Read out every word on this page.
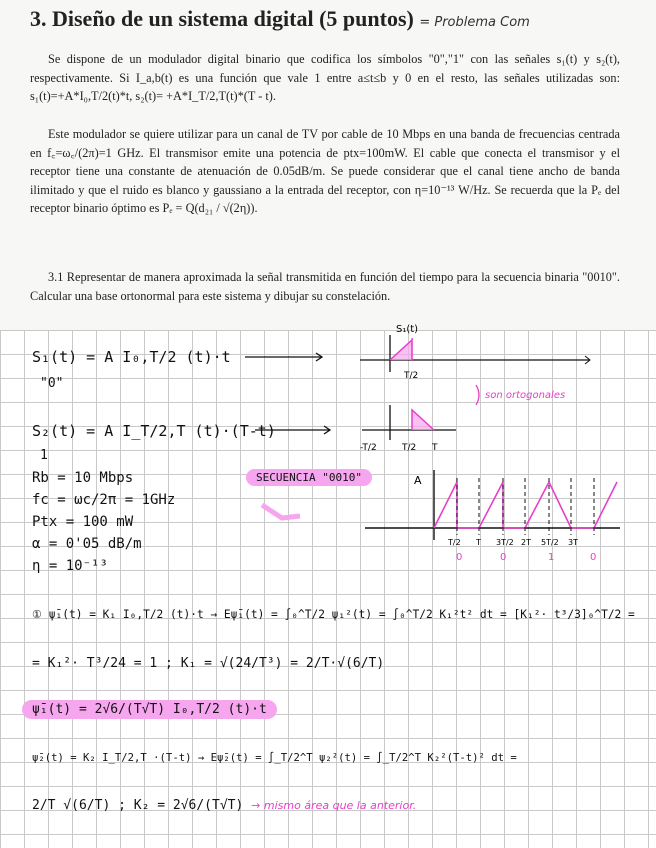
3. Diseño de un sistema digital (5 puntos) = Problema Com
Se dispone de un modulador digital binario que codifica los símbolos "0","1" con las señales s₁(t) y s₂(t), respectivamente. Si I_a,b(t) es una función que vale 1 entre a≤t≤b y 0 en el resto, las señales utilizadas son: s₁(t)=+A*I₀,T/2(t)*t, s₂(t)= +A*I_T/2,T(t)*(T - t).
Este modulador se quiere utilizar para un canal de TV por cable de 10 Mbps en una banda de frecuencias centrada en f꜀=ω꜀/(2π)=1 GHz. El transmisor emite una potencia de ptx=100mW. El cable que conecta el transmisor y el receptor tiene una constante de atenuación de 0.05dB/m. Se puede considerar que el canal tiene ancho de banda ilimitado y que el ruido es blanco y gaussiano a la entrada del receptor, con η=10⁻¹³ W/Hz. Se recuerda que la Pₑ del receptor binario óptimo es Pₑ = Q(d₂₁ / √(2η)).
3.1 Representar de manera aproximada la señal transmitida en función del tiempo para la secuencia binaria "0010". Calcular una base ortonormal para este sistema y dibujar su constelación.
S₁(t) = A I₀,T/2 (t)·t
"0"
S₂(t) = A I_T/2,T (t)·(T-t)
1
Rb = 10 Mbps
fc = ωc/2π = 1GHz
Ptx = 100 mW
α = 0'05 dB/m
η = 10⁻¹³
SECUENCIA "0010"
son ortogonales
S₁(t)
T/2
-T/2	T/2 T
A
T/2 T 3T/2 2T 5T/2 3T
0	0	1	0
① ψ̄₁(t) = K₁ I₀,T/2 (t)·t → Eψ̄₁(t) = ∫₀^T/2 ψ₁²(t) = ∫₀^T/2 K₁²t² dt = [K₁²· t³/3]₀^T/2 =
= K₁²· T³/24 = 1 ; K₁ = √(24/T³) = 2/T·√(6/T)
ψ̄₁(t) = 2√6/(T√T) I₀,T/2 (t)·t
ψ̄₂(t) = K₂ I_T/2,T ·(T-t) → Eψ̄₂(t) = ∫_T/2^T ψ₂²(t) = ∫_T/2^T K₂²(T-t)² dt =
2/T √(6/T) ; K₂ = 2√6/(T√T) → mismo área que la anterior.
